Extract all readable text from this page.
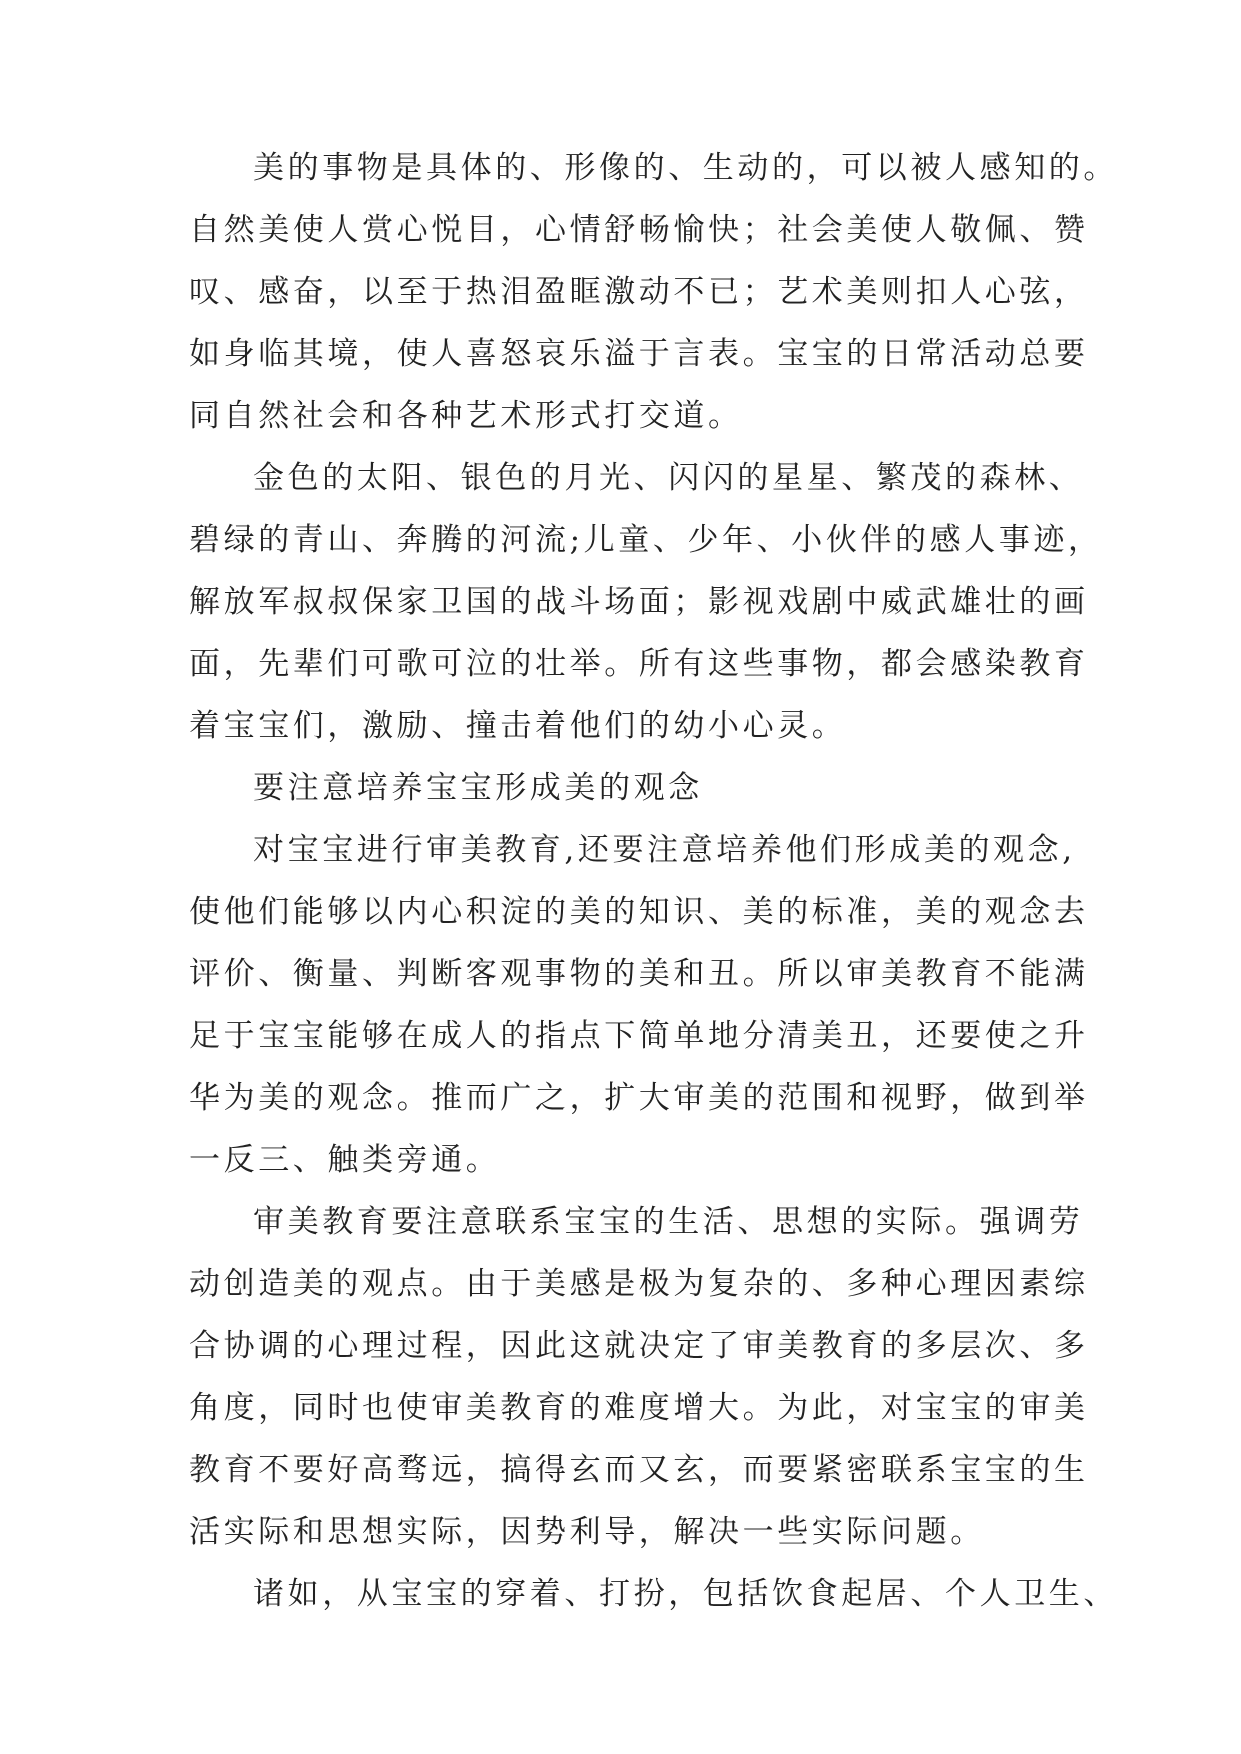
美的事物是具体的、形像的、生动的，可以被人感知的。
自然美使人赏心悦目，心情舒畅愉快；社会美使人敬佩、赞
叹、感奋，以至于热泪盈眶激动不已；艺术美则扣人心弦，
如身临其境，使人喜怒哀乐溢于言表。宝宝的日常活动总要
同自然社会和各种艺术形式打交道。
金色的太阳、银色的月光、闪闪的星星、繁茂的森林、
碧绿的青山、奔腾的河流;儿童、少年、小伙伴的感人事迹，
解放军叔叔保家卫国的战斗场面；影视戏剧中威武雄壮的画
面，先辈们可歌可泣的壮举。所有这些事物，都会感染教育
着宝宝们，激励、撞击着他们的幼小心灵。
要注意培养宝宝形成美的观念
对宝宝进行审美教育,还要注意培养他们形成美的观念,
使他们能够以内心积淀的美的知识、美的标准，美的观念去
评价、衡量、判断客观事物的美和丑。所以审美教育不能满
足于宝宝能够在成人的指点下简单地分清美丑，还要使之升
华为美的观念。推而广之，扩大审美的范围和视野，做到举
一反三、触类旁通。
审美教育要注意联系宝宝的生活、思想的实际。强调劳
动创造美的观点。由于美感是极为复杂的、多种心理因素综
合协调的心理过程，因此这就决定了审美教育的多层次、多
角度，同时也使审美教育的难度增大。为此，对宝宝的审美
教育不要好高骛远，搞得玄而又玄，而要紧密联系宝宝的生
活实际和思想实际，因势利导，解决一些实际问题。
诸如，从宝宝的穿着、打扮，包括饮食起居、个人卫生、
